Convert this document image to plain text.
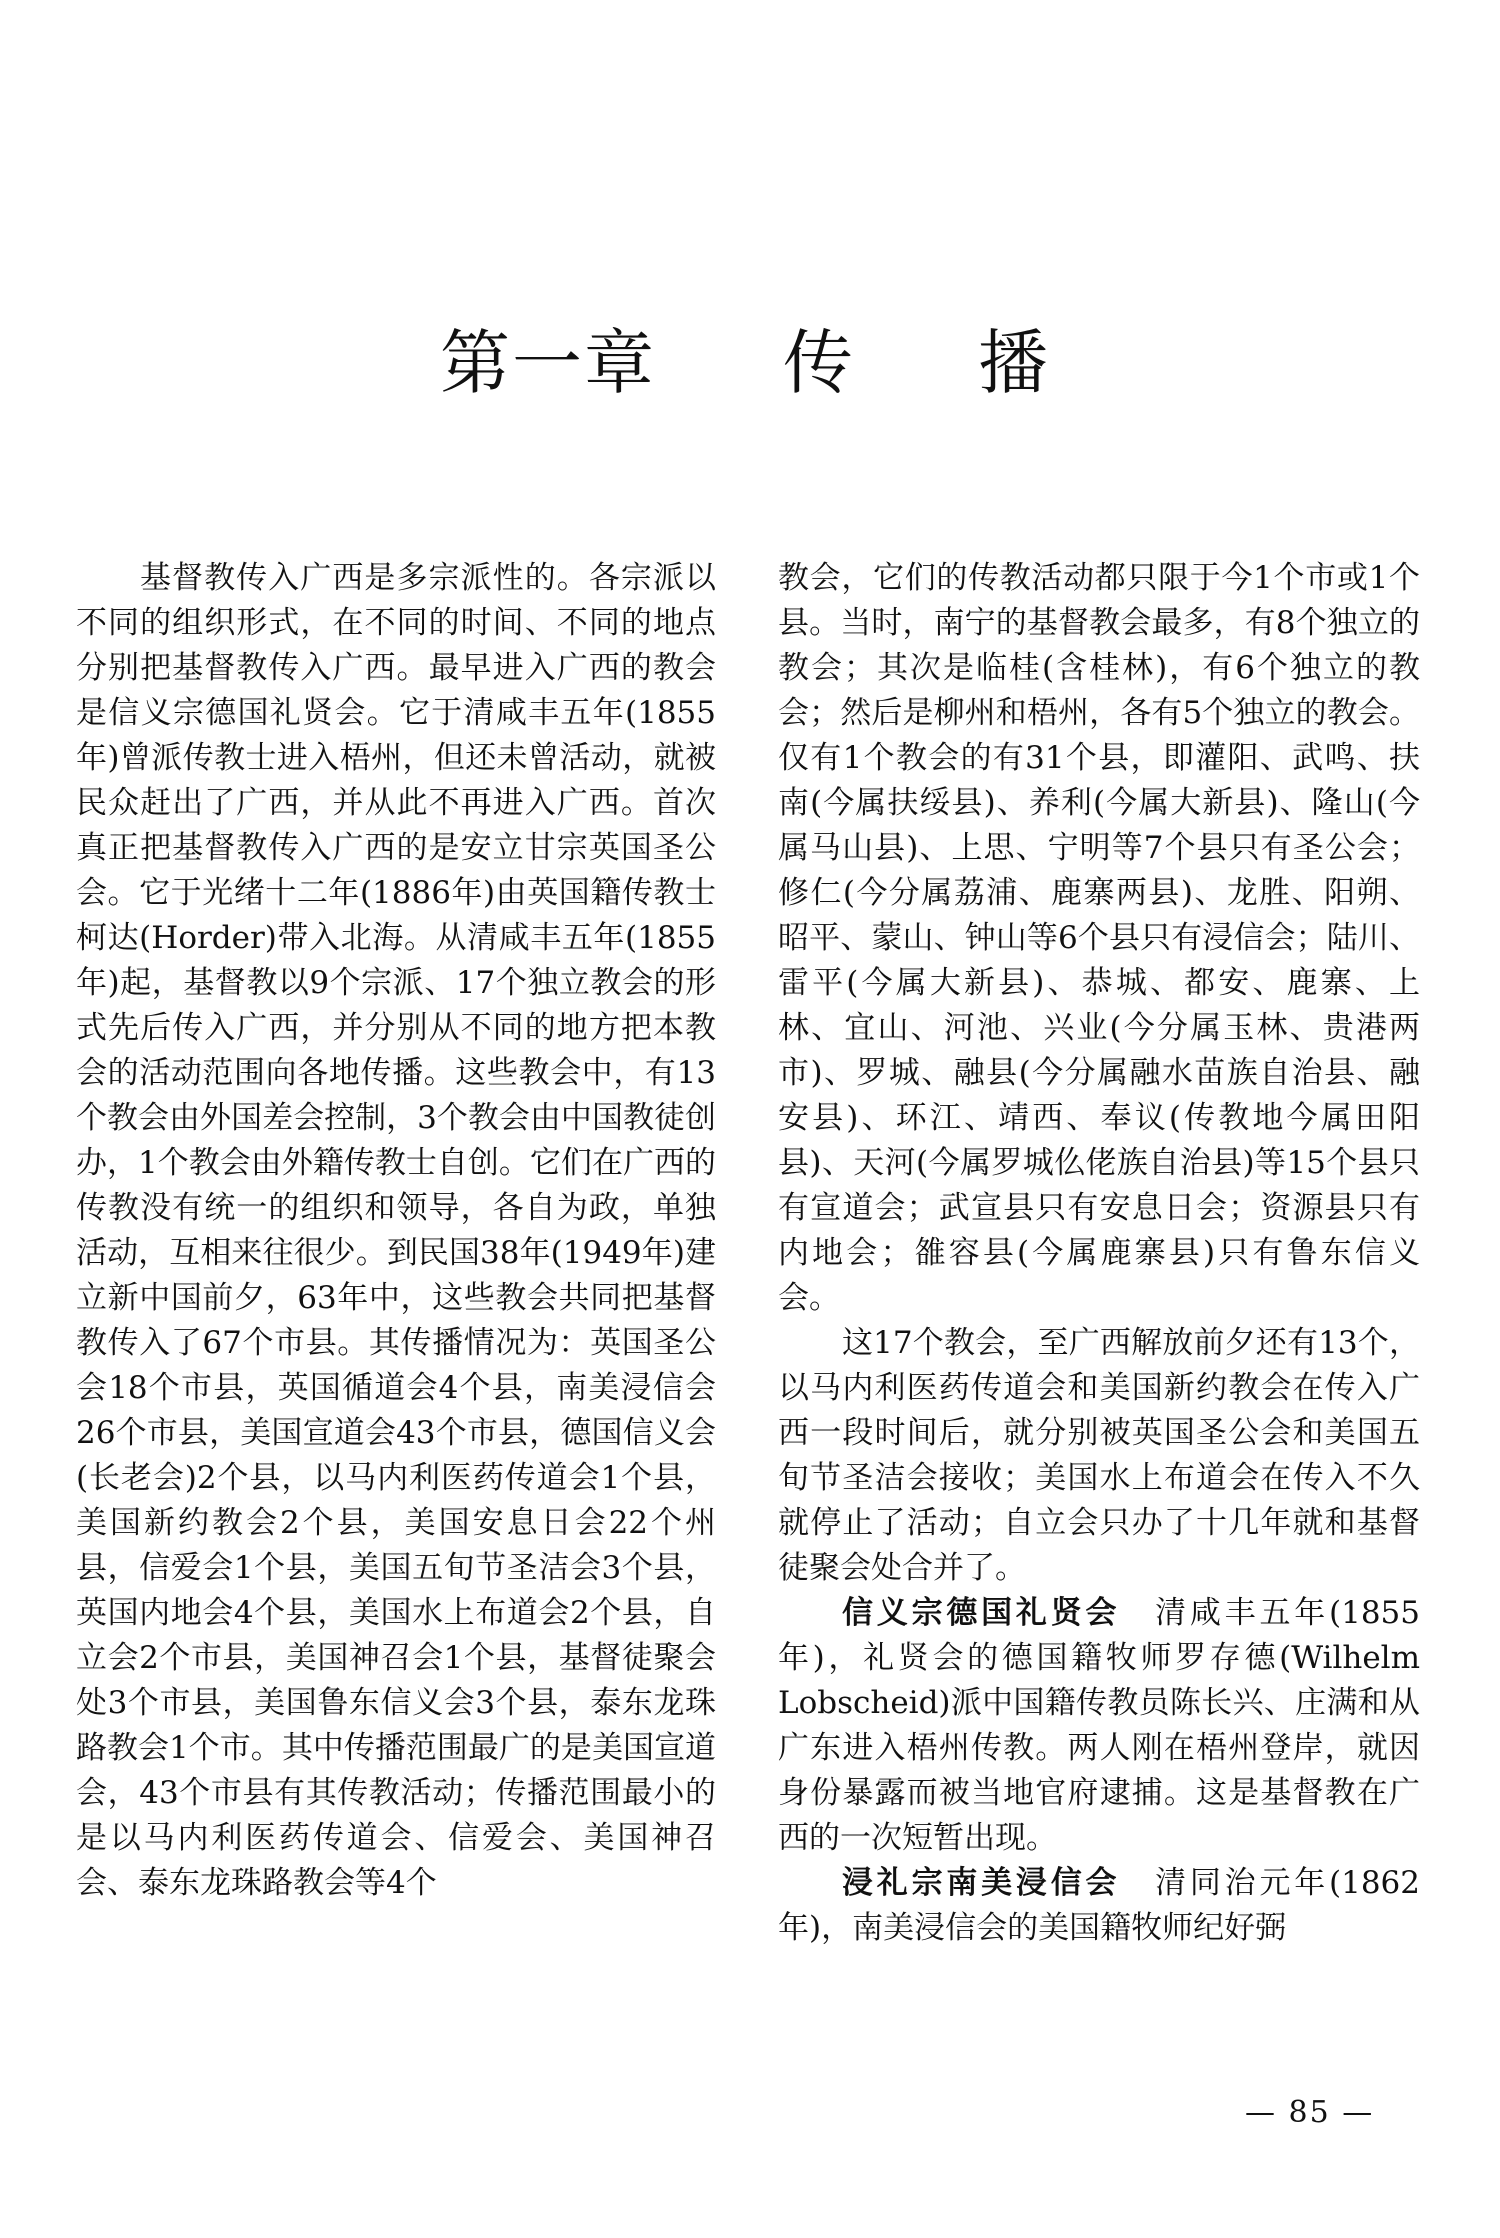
第一章 传 播

基督教传入广西是多宗派性的。各宗派以不同的组织形式，在不同的时间、不同的地点分别把基督教传入广西。最早进入广西的教会是信义宗德国礼贤会。它于清咸丰五年(1855年)曾派传教士进入梧州，但还未曾活动，就被民众赶出了广西，并从此不再进入广西。首次真正把基督教传入广西的是安立甘宗英国圣公会。它于光绪十二年(1886年)由英国籍传教士柯达(Horder)带入北海。从清咸丰五年(1855年)起，基督教以9个宗派、17个独立教会的形式先后传入广西，并分别从不同的地方把本教会的活动范围向各地传播。这些教会中，有13个教会由外国差会控制，3个教会由中国教徒创办，1个教会由外籍传教士自创。它们在广西的传教没有统一的组织和领导，各自为政，单独活动，互相来往很少。到民国38年(1949年)建立新中国前夕，63年中，这些教会共同把基督教传入了67个市县。其传播情况为：英国圣公会18个市县，英国循道会4个县，南美浸信会26个市县，美国宣道会43个市县，德国信义会(长老会)2个县，以马内利医药传道会1个县，美国新约教会2个县，美国安息日会22个州县，信爱会1个县，美国五旬节圣洁会3个县，英国内地会4个县，美国水上布道会2个县，自立会2个市县，美国神召会1个县，基督徒聚会处3个市县，美国鲁东信义会3个县，泰东龙珠路教会1个市。其中传播范围最广的是美国宣道会，43个市县有其传教活动；传播范围最小的是以马内利医药传道会、信爱会、美国神召会、泰东龙珠路教会等4个

教会，它们的传教活动都只限于今1个市或1个县。当时，南宁的基督教会最多，有8个独立的教会；其次是临桂(含桂林)，有6个独立的教会；然后是柳州和梧州，各有5个独立的教会。仅有1个教会的有31个县，即灌阳、武鸣、扶南(今属扶绥县)、养利(今属大新县)、隆山(今属马山县)、上思、宁明等7个县只有圣公会；修仁(今分属荔浦、鹿寨两县)、龙胜、阳朔、昭平、蒙山、钟山等6个县只有浸信会；陆川、雷平(今属大新县)、恭城、都安、鹿寨、上林、宜山、河池、兴业(今分属玉林、贵港两市)、罗城、融县(今分属融水苗族自治县、融安县)、环江、靖西、奉议(传教地今属田阳县)、天河(今属罗城仫佬族自治县)等15个县只有宣道会；武宣县只有安息日会；资源县只有内地会；雒容县(今属鹿寨县)只有鲁东信义会。

这17个教会，至广西解放前夕还有13个，以马内利医药传道会和美国新约教会在传入广西一段时间后，就分别被英国圣公会和美国五旬节圣洁会接收；美国水上布道会在传入不久就停止了活动；自立会只办了十几年就和基督徒聚会处合并了。

信义宗德国礼贤会　 清咸丰五年(1855年)，礼贤会的德国籍牧师罗存德(Wilhelm Lobscheid)派中国籍传教员陈长兴、庄满和从广东进入梧州传教。两人刚在梧州登岸，就因身份暴露而被当地官府逮捕。这是基督教在广西的一次短暂出现。

浸礼宗南美浸信会　 清同治元年(1862年)，南美浸信会的美国籍牧师纪好弼

— 85 —
